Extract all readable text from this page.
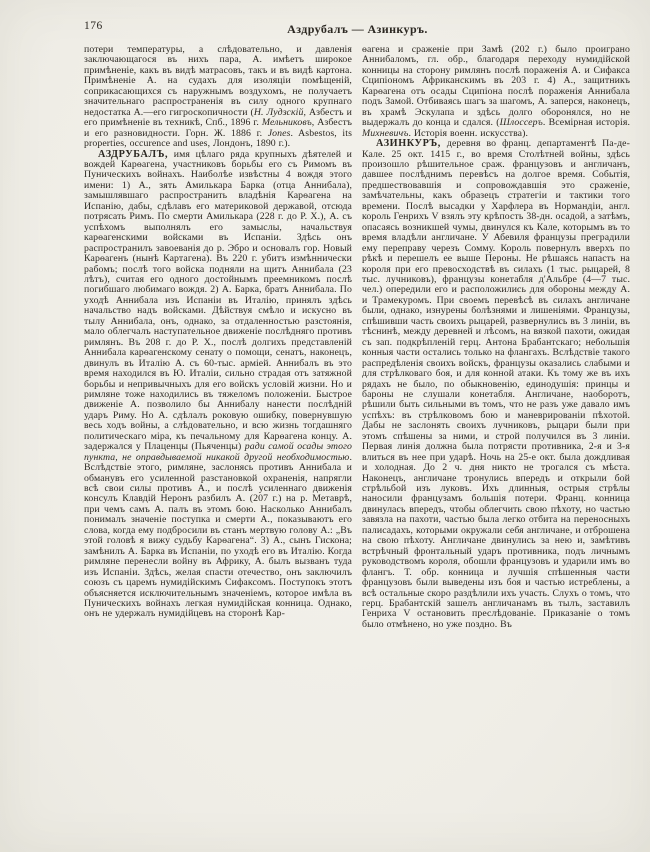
176	Аздрубалъ — Азинкуръ.

потери температуры, а слѣдовательно, и давленія заключающагося въ нихъ пара, А. имѣетъ широкое примѣненіе, какъ въ видѣ матрасовъ, такъ и въ видѣ картона. Примѣненіе А. на судахъ для изоляціи помѣщеній, соприкасающихся съ наружнымъ воздухомъ, не получаетъ значительнаго распространенія въ силу одного крупнаго недостатка А.—его гигроскопичности (Н. Лудзскій, Азбестъ и его примѣненіе въ техникѣ, Спб., 1896 г. Мельниковъ, Азбестъ и его разновидности. Горн. Ж. 1886 г. Jones. Asbestos, its properties, occurence and uses, Лондонъ, 1890 г.).

АЗДРУБАЛЪ, имя цѣлаго ряда крупныхъ дѣятелей и вождей Карѳагена, участниковъ борьбы его съ Римомъ въ Пуническихъ войнахъ. Наиболѣе извѣстны 4 вождя этого имени: 1) А., зять Амилькара Барка (отца Аннибала), замышлявшаго распространить владѣнія Карѳагена на Испанію, дабы, сдѣлавъ его материковой державой, отсюда потрясать Римъ. По смерти Амилькара (228 г. до Р. Х.), А. съ успѣхомъ выполнялъ его замыслы, начальствуя карѳагенскими войсками въ Испаніи. Здѣсь онъ распространилъ завоеванія до р. Эбро и основалъ гор. Новый Карѳагенъ (нынѣ Картагена). Въ 220 г. убитъ измѣннически рабомъ; послѣ того войска подняли на щитъ Аннибала (23 лѣтъ), считая его одного достойнымъ преемникомъ послѣ погибшаго любимаго вождя. 2) А. Барка, братъ Аннибала. По уходѣ Аннибала изъ Испаніи въ Италію, принялъ здѣсь начальство надъ войсками. Дѣйствуя смѣло и искусно въ тылу Аннибала, онъ, однако, за отдаленностью разстоянія, мало облегчалъ наступательное движеніе послѣдняго противъ римлянъ. Въ 208 г. до Р. Х., послѣ долгихъ представленій Аннибала карѳагенскому сенату о помощи, сенатъ, наконецъ, двинулъ въ Италію А. съ 60-тыс. арміей. Аннибалъ въ это время находился въ Ю. Италіи, сильно страдая отъ затяжной борьбы и непривычныхъ для его войскъ условій жизни. Но и римляне тоже находились въ тяжеломъ положеніи. Быстрое движеніе А. позволило бы Аннибалу нанести послѣдній ударъ Риму. Но А. сдѣлалъ роковую ошибку, повернувшую весь ходъ войны, а слѣдовательно, и всю жизнь тогдашняго политическаго міра, къ печальному для Карѳагена концу. А. задержался у Плаценцы (Пьяченцы) ради самой осады этого пункта, не оправдываемой никакой другой необходимостью. Вслѣдствіе этого, римляне, заслонясь противъ Аннибала и обманувъ его усиленной разстановкой охраненія, напрягли всѣ свои силы противъ А., и послѣ усиленнаго движенія консулъ Клавдій Неронъ разбилъ А. (207 г.) на р. Метаврѣ, при чемъ самъ А. палъ въ этомъ бою. Насколько Аннибалъ понималъ значеніе поступка и смерти А., показываютъ его слова, когда ему подбросили въ станъ мертвую голову А.: „Въ этой головѣ я вижу судьбу Карѳагена“. 3) А., сынъ Гискона; замѣнилъ А. Барка въ Испаніи, по уходѣ его въ Италію. Когда римляне перенесли войну въ Африку, А. былъ вызванъ туда изъ Испаніи. Здѣсь, желая спасти отечество, онъ заключилъ союзъ съ царемъ нумидійскимъ Сифаксомъ. Поступокъ этотъ объясняется исключительнымъ значеніемъ, которое имѣла въ Пуническихъ войнахъ легкая нумидійская конница. Однако, онъ не удержалъ нумидійцевъ на сторонѣ Кар-

ѳагена и сраженіе при Замѣ (202 г.) было проиграно Аннибаломъ, гл. обр., благодаря переходу нумидійской конницы на сторону римлянъ послѣ пораженія А. и Сифакса Сципіономъ Африканскимъ въ 203 г. 4) А., защитникъ Карѳагена отъ осады Сципіона послѣ пораженія Аннибала подъ Замой. Отбиваясь шагъ за шагомъ, А. заперся, наконецъ, въ храмѣ Эскулапа и здѣсь долго оборонялся, но не выдержалъ до конца и сдался. (Шлоссеръ. Всемірная исторія. Михневичъ. Исторія военн. искусства).

АЗИНКУРЪ, деревня во франц. департаментѣ Па-де-Кале. 25 окт. 1415 г., во время Столѣтней войны, здѣсь произошло рѣшительное сраж. французовъ и англичанъ, давшее послѣднимъ перевѣсъ на долгое время. Событія, предшествовавшія и сопровождавшія это сраженіе, замѣчательны, какъ образецъ стратегіи и тактики того времени. Послѣ высадки у Харфлера въ Нормандіи, англ. король Генрихъ V взялъ эту крѣпость 38-дн. осадой, а затѣмъ, опасаясь возникшей чумы, двинулся къ Кале, которымъ въ то время владѣли англичане. У Абевиля французы преградили ему переправу черезъ Сомму. Король повернулъ вверхъ по рѣкѣ и перешелъ ее выше Пероны. Не рѣшаясь напасть на короля при его превосходствѣ въ силахъ (1 тыс. рыцарей, 8 тыс. лучниковъ), французы конетабля д'Альбре (4—7 тыс. чел.) опередили его и расположились для обороны между А. и Трамекуромъ. При своемъ перевѣсѣ въ силахъ англичане были, однако, изнурены болѣзнями и лишеніями. Французы, спѣшивши часть своихъ рыцарей, развернулись въ 3 линіи, въ тѣснинѣ, между деревней и лѣсомъ, на вязкой пахоти, ожидая съ зап. подкрѣпленій герц. Антона Брабантскаго; небольшія конныя части остались только на флангахъ. Вслѣдствіе такого распредѣленія своихъ войскъ, французы оказались слабыми и для стрѣлковаго боя, и для конной атаки. Къ тому же въ ихъ рядахъ не было, по обыкновенію, единодушія: принцы и бароны не слушали конетабля. Англичане, наоборотъ, рѣшили быть сильными въ томъ, что не разъ уже давало имъ успѣхъ: въ стрѣлковомъ бою и маневрированіи пѣхотой. Дабы не заслонять своихъ лучниковъ, рыцари были при этомъ спѣшены за ними, и строй получился въ 3 линіи. Первая линія должна была потрясти противника, 2-я и 3-я влиться въ нее при ударѣ. Ночь на 25-е окт. была дождливая и холодная. До 2 ч. дня никто не трогался съ мѣста. Наконецъ, англичане тронулись впередъ и открыли бой стрѣльбой изъ луковъ. Ихъ длинныя, острыя стрѣлы наносили французамъ большія потери. Франц. конница двинулась впередъ, чтобы облегчить свою пѣхоту, но частью завязла на пахоти, частью была легко отбита на переносныхъ палисадахъ, которыми окружали себя англичане, и отброшена на свою пѣхоту. Англичане двинулись за нею и, замѣтивъ встрѣчный фронтальный ударъ противника, подъ личнымъ руководствомъ короля, обошли французовъ и ударили имъ во флангъ. Т. обр. конница и лучшія спѣшенныя части французовъ были выведены изъ боя и частью истреблены, а всѣ остальные скоро раздѣлили ихъ участь. Слухъ о томъ, что герц. Брабантскій зашелъ англичанамъ въ тылъ, заставилъ Генриха V остановить преслѣдованіе. Приказаніе о томъ было отмѣнено, но уже поздно. Въ
